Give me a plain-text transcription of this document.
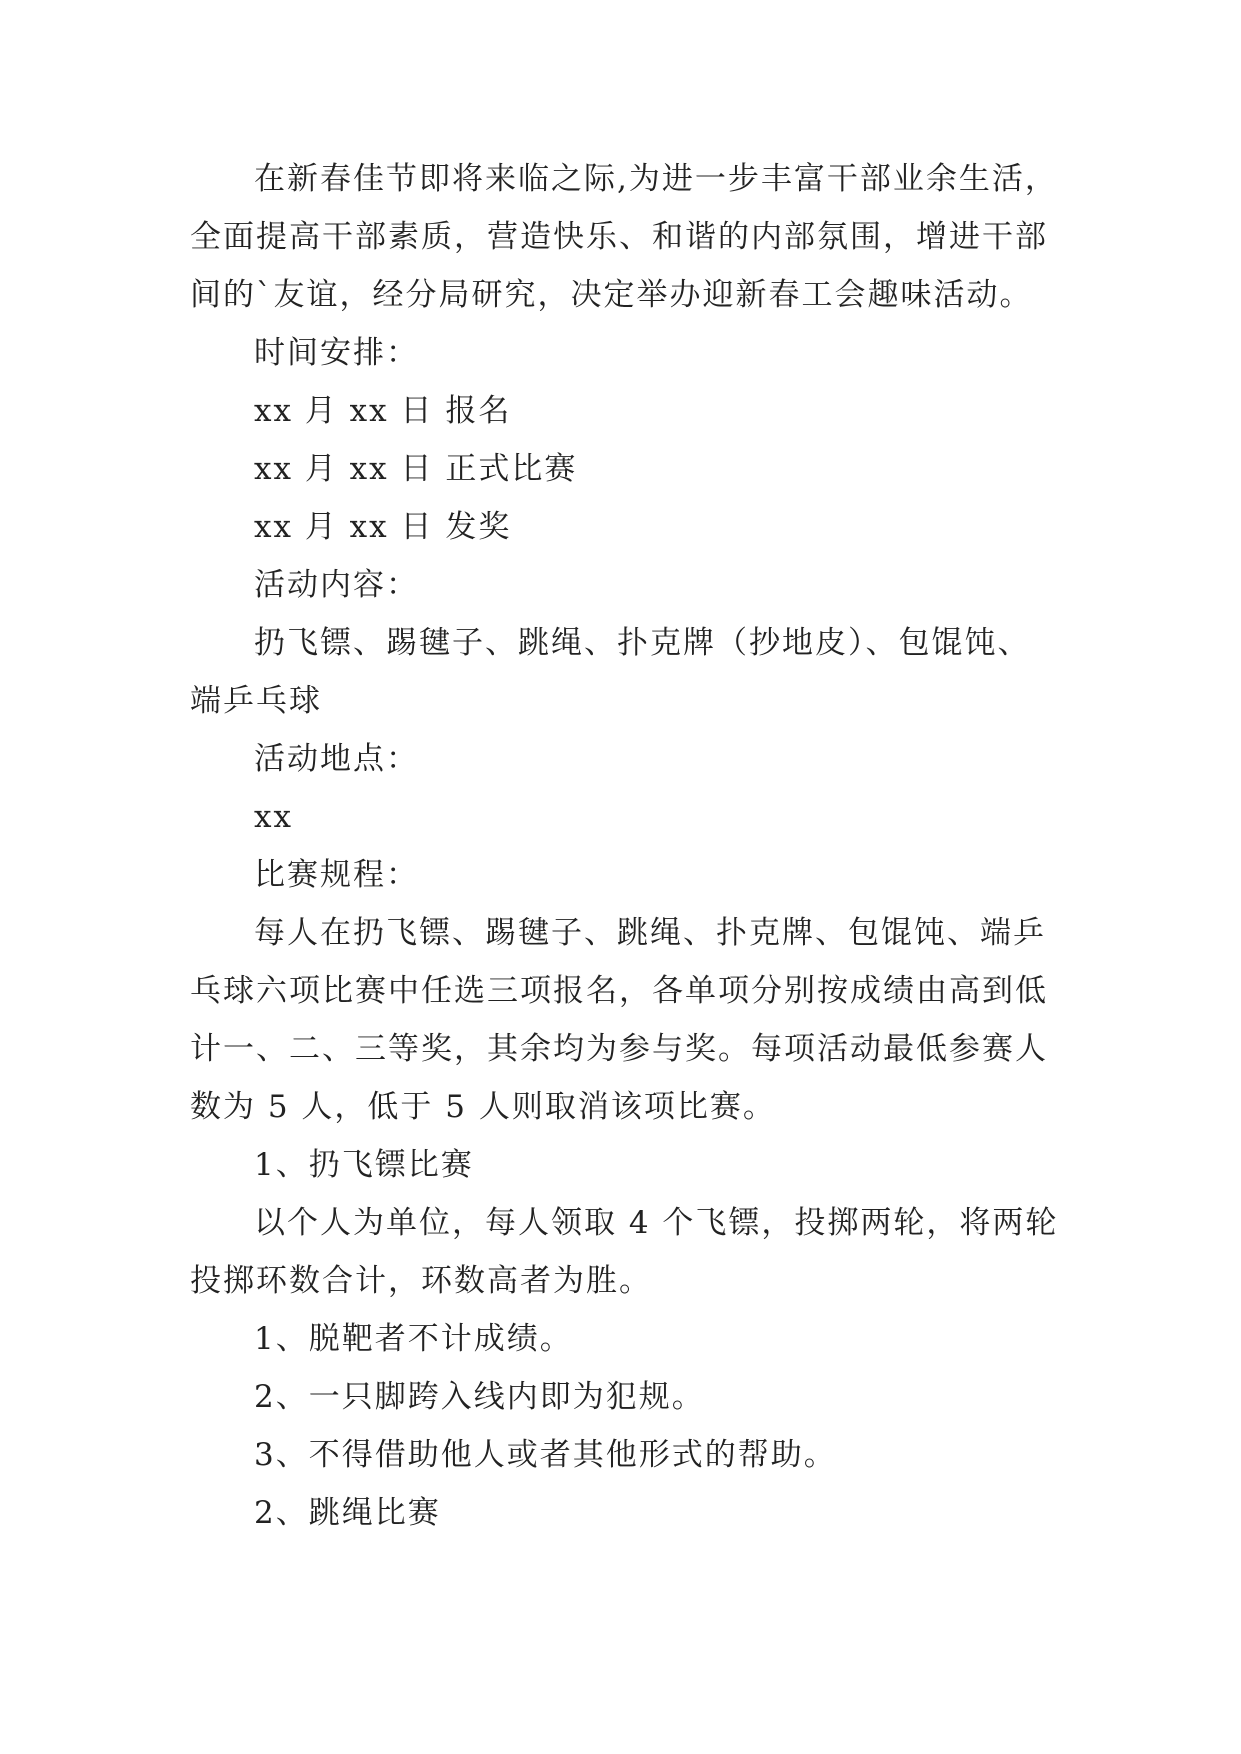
在新春佳节即将来临之际,为进一步丰富干部业余生活，

全面提高干部素质，营造快乐、和谐的内部氛围，增进干部

间的`友谊，经分局研究，决定举办迎新春工会趣味活动。

时间安排：

xx 月 xx 日 报名

xx 月 xx 日 正式比赛

xx 月 xx 日 发奖

活动内容：

扔飞镖、踢毽子、跳绳、扑克牌（抄地皮）、包馄饨、

端乒乓球

活动地点：

xx

比赛规程：

每人在扔飞镖、踢毽子、跳绳、扑克牌、包馄饨、端乒

乓球六项比赛中任选三项报名，各单项分别按成绩由高到低

计一、二、三等奖，其余均为参与奖。每项活动最低参赛人

数为 5 人，低于 5 人则取消该项比赛。

1、扔飞镖比赛

以个人为单位，每人领取 4 个飞镖，投掷两轮，将两轮

投掷环数合计，环数高者为胜。

1、脱靶者不计成绩。

2、一只脚跨入线内即为犯规。

3、不得借助他人或者其他形式的帮助。

2、跳绳比赛
